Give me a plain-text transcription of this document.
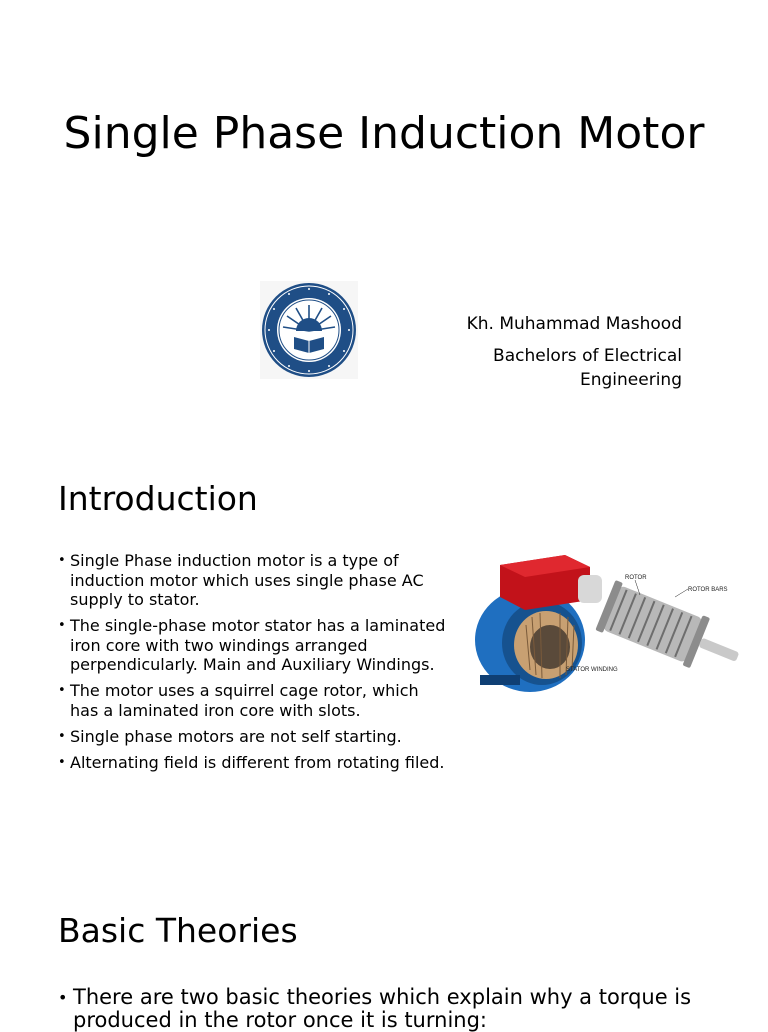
Single Phase Induction Motor
Kh. Muhammad Mashood
Bachelors of Electrical Engineering
Introduction
• Single Phase induction motor is a type of induction motor which uses single phase AC supply to stator.
• The single-phase motor stator has a laminated iron core with two windings arranged perpendicularly. Main and Auxiliary Windings.
• The motor uses a squirrel cage rotor, which has a laminated iron core with slots.
• Single phase motors are not self starting.
• Alternating field is different from rotating filed.
ROTOR
ROTOR BARS
STATOR WINDING
Basic Theories
• There are two basic theories which explain why a torque is produced in the rotor once it is turning:
